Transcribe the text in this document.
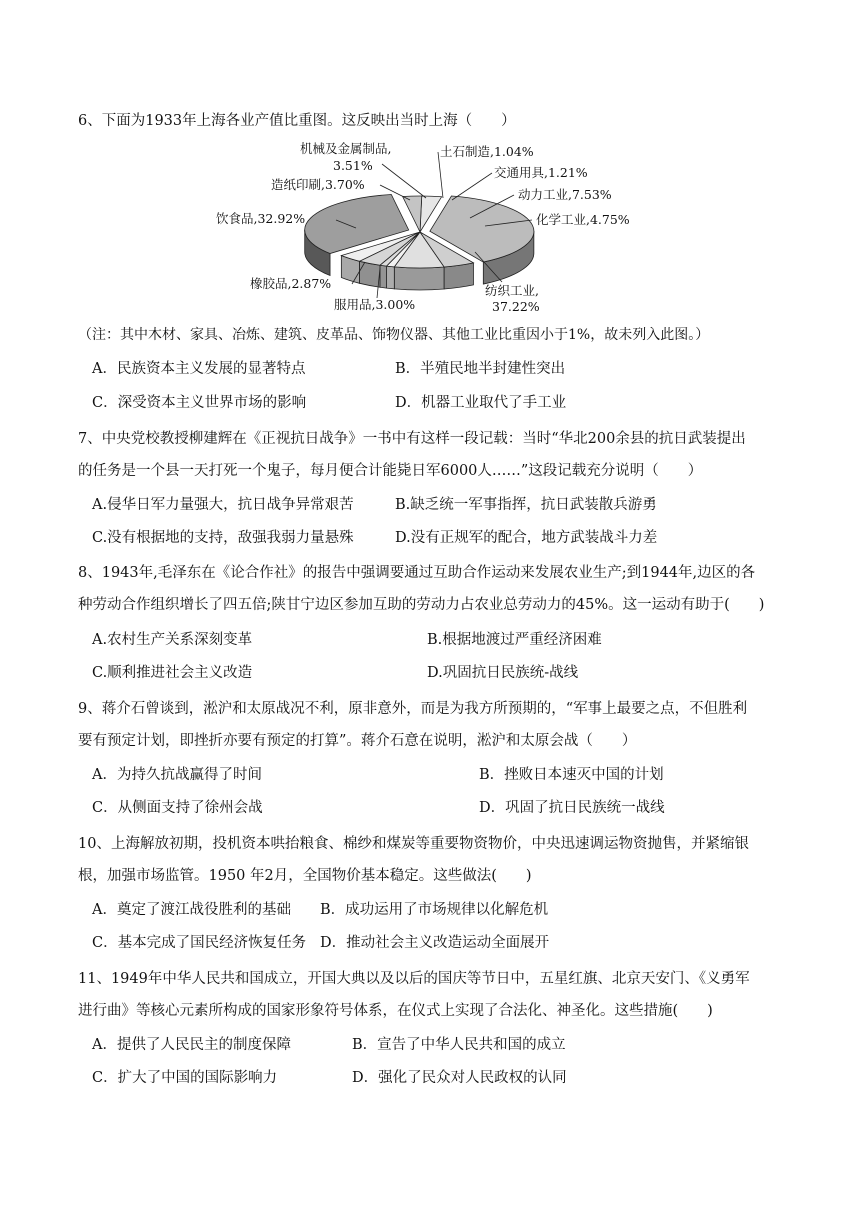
6、下面为1933年上海各业产值比重图。这反映出当时上海（　　）
纺织工业,
37.22%
饮食品,32.92%
动力工业,7.53%
化学工业,4.75%
造纸印刷,3.70%
机械及金属制品,
3.51%
服用品,3.00%
橡胶品,2.87%
交通用具,1.21%
土石制造,1.04%
（注：其中木材、家具、冶炼、建筑、皮革品、饰物仪器、其他工业比重因小于1%，故未列入此图。）
A．民族资本主义发展的显著特点	B．半殖民地半封建性突出
C．深受资本主义世界市场的影响	D．机器工业取代了手工业
7、中央党校教授柳建辉在《正视抗日战争》一书中有这样一段记载：当时“华北200余县的抗日武装提出
的任务是一个县一天打死一个鬼子，每月便合计能毙日军6000人……”这段记载充分说明（　　）
A.侵华日军力量强大，抗日战争异常艰苦	B.缺乏统一军事指挥，抗日武装散兵游勇
C.没有根据地的支持，敌强我弱力量悬殊	D.没有正规军的配合，地方武装战斗力差
8、1943年,毛泽东在《论合作社》的报告中强调要通过互助合作运动来发展农业生产;到1944年,边区的各
种劳动合作组织增长了四五倍;陕甘宁边区参加互助的劳动力占农业总劳动力的45%。这一运动有助于(　　)
A.农村生产关系深刻变革	B.根据地渡过严重经济困难
C.顺利推进社会主义改造	D.巩固抗日民族统-战线
9、蒋介石曾谈到，淞沪和太原战况不利，原非意外，而是为我方所预期的，“军事上最要之点，不但胜利
要有预定计划，即挫折亦要有预定的打算”。蒋介石意在说明，淞沪和太原会战（　　）
A．为持久抗战赢得了时间	B．挫败日本速灭中国的计划
C．从侧面支持了徐州会战	D．巩固了抗日民族统一战线
10、上海解放初期，投机资本哄抬粮食、棉纱和煤炭等重要物资物价，中央迅速调运物资抛售，并紧缩银
根，加强市场监管。1950 年2月，全国物价基本稳定。这些做法(　　)
A．奠定了渡江战役胜利的基础 B．成功运用了市场规律以化解危机
C．基本完成了国民经济恢复任务 D．推动社会主义改造运动全面展开
11、1949年中华人民共和国成立，开国大典以及以后的国庆等节日中，五星红旗、北京天安门、《义勇军
进行曲》等核心元素所构成的国家形象符号体系，在仪式上实现了合法化、神圣化。这些措施(　　)
A．提供了人民民主的制度保障	B．宣告了中华人民共和国的成立
C．扩大了中国的国际影响力	D．强化了民众对人民政权的认同
